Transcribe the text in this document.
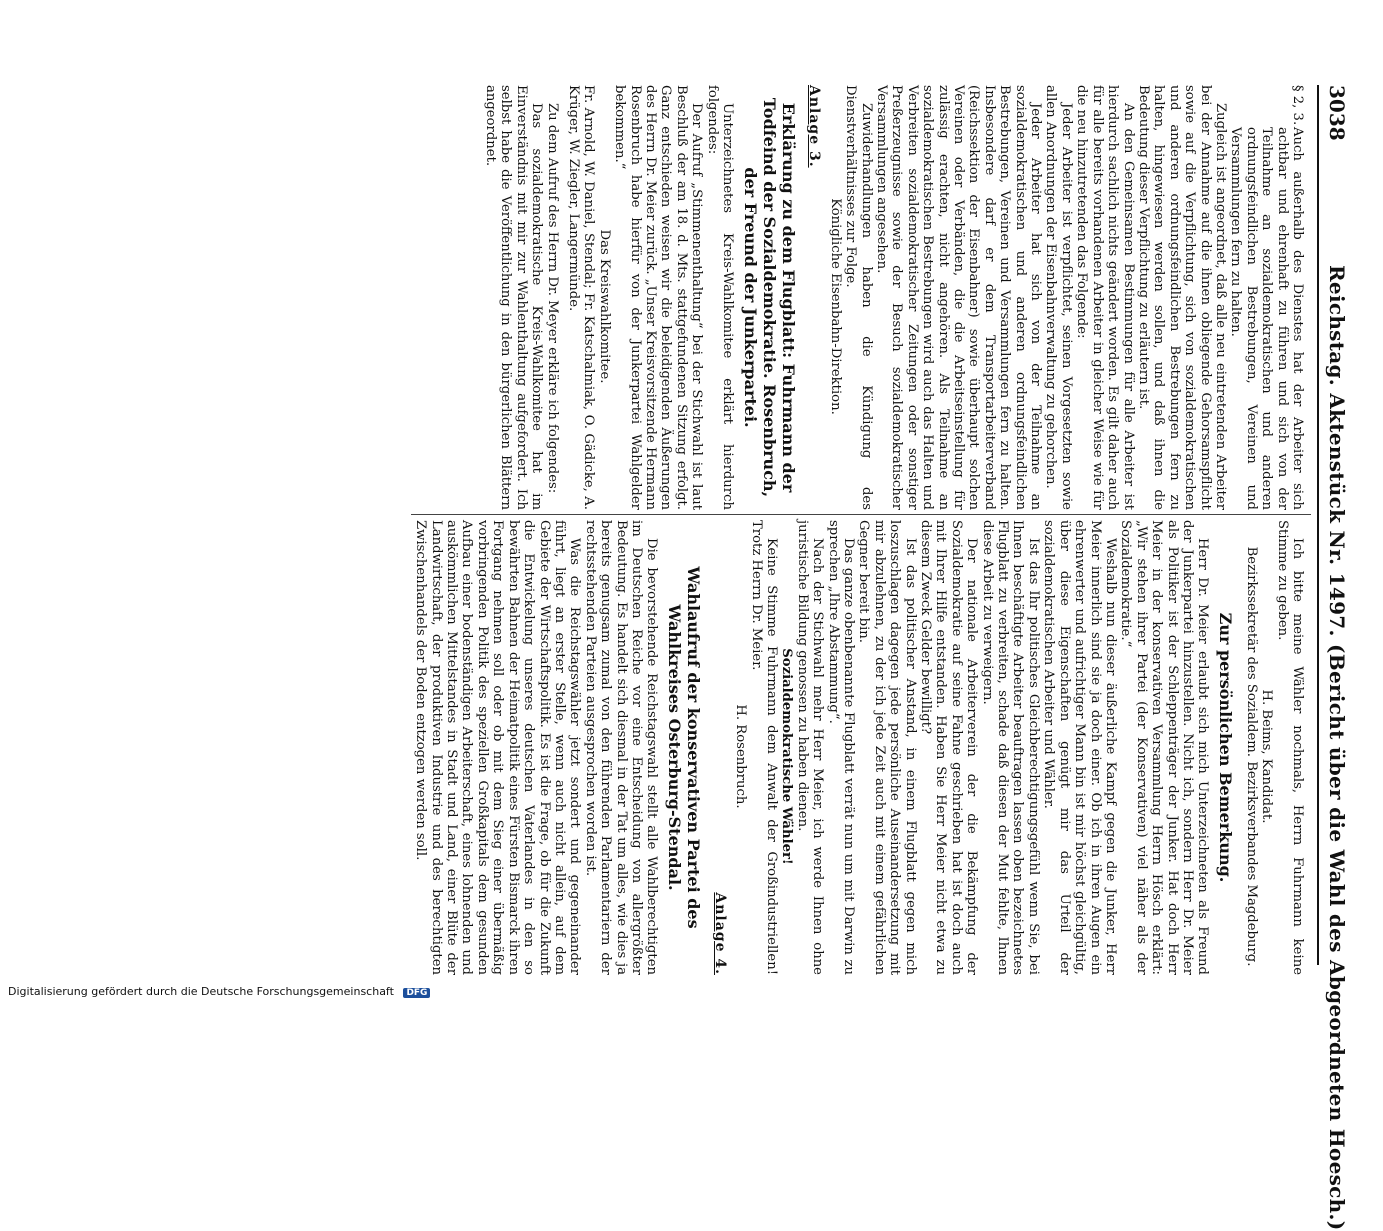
3038
Reichstag. Aktenstück Nr. 1497. (Bericht über die Wahl des Abgeordneten Hoesch.)
§ 2, 3.
Auch außerhalb des Dienstes hat der Arbeiter sich achtbar und ehrenhaft zu führen und sich von der Teilnahme an sozialdemokratischen und anderen ordnungsfeindlichen Bestrebungen, Vereinen und Versammlungen fern zu halten.

Zugleich ist angeordnet, daß alle neu eintretenden Arbeiter bei der Annahme auf die ihnen obliegende Gehorsamspflicht sowie auf die Verpflichtung, sich von sozialdemokratischen und anderen ordnungsfeindlichen Bestrebungen fern zu halten, hingewiesen werden sollen, und daß ihnen die Bedeutung dieser Verpflichtung zu erläutern ist.

An den Gemeinsamen Bestimmungen für alle Arbeiter ist hierdurch sachlich nichts geändert worden. Es gilt daher auch für alle bereits vorhandenen Arbeiter in gleicher Weise wie für die neu hinzutretenden das Folgende:

Jeder Arbeiter ist verpflichtet, seinen Vorgesetzten sowie allen Anordnungen der Eisenbahnverwaltung zu gehorchen.

Jeder Arbeiter hat sich von der Teilnahme an sozialdemokratischen und anderen ordnungsfeindlichen Bestrebungen, Vereinen und Versammlungen fern zu halten. Insbesondere darf er dem Transportarbeiterverband (Reichssektion der Eisenbahner) sowie überhaupt solchen Vereinen oder Verbänden, die die Arbeitseinstellung für zulässig erachten, nicht angehören. Als Teilnahme an sozialdemokratischen Bestrebungen wird auch das Halten und Verbreiten sozialdemokratischer Zeitungen oder sonstiger Preßerzeugnisse sowie der Besuch sozialdemokratischer Versammlungen angesehen.

Zuwiderhandlungen haben die Kündigung des Dienstverhältnisses zur Folge.

Königliche Eisenbahn-Direktion.

Anlage 3.

Erklärung zu dem Flugblatt: Fuhrmann der Todfeind der Sozialdemokratie. Rosenbruch, der Freund der Junkerpartei.

Unterzeichnetes Kreis-Wahlkomitee erklärt hierdurch folgendes:

Der Aufruf „Stimmenenthaltung“ bei der Stichwahl ist laut Beschluß der am 18. d. Mts. stattgefundenen Sitzung erfolgt. Ganz entschieden weisen wir die beleidigenden Äußerungen des Herrn Dr. Meier zurück. „Unser Kreisvorsitzende Hermann Rosenbruch habe hierfür von der Junkerpartei Wahlgelder bekommen.“

Das Kreiswahlkomitee.

Fr. Arnold, W. Daniel, Stendal; Fr. Katschalmiak, O. Gädicke, A. Krüger, W. Ziegler, Langermünde.

Zu dem Aufruf des Herrn Dr. Meyer erkläre ich folgendes:

Das sozialdemokratische Kreis-Wahlkomitee hat im Einverständnis mit mir zur Wahlenthaltung aufgefordert. Ich selbst habe die Veröffentlichung in den bürgerlichen Blättern angeordnet.

Ich bitte meine Wähler nochmals, Herrn Fuhrmann keine Stimme zu geben.

H. Beims, Kandidat.

Bezirkssekretär des Sozialdem. Bezirksverbandes Magdeburg.

Zur persönlichen Bemerkung.

Herr Dr. Meier erlaubt sich mich Unterzeichneten als Freund der Junkerpartei hinzustellen. Nicht ich, sondern Herr Dr. Meier als Politiker ist der Schleppenträger der Junker. Hat doch Herr Meier in der konservativen Versammlung Herrn Hösch erklärt: „Wir stehen ihrer Partei (der Konservativen) viel näher als der Sozialdemokratie.“

Weshalb nun dieser äußerliche Kampf gegen die Junker, Herr Meier innerlich sind sie ja doch einer. Ob ich in ihren Augen ein ehrenwerter und aufrichtiger Mann bin ist mir höchst gleichgültig, über diese Eigenschaften genügt mir das Urteil der sozialdemokratischen Arbeiter und Wähler.

Ist das Ihr politisches Gleichberechtigungsgefühl wenn Sie, bei Ihnen beschäftigte Arbeiter beauftragen lassen oben bezeichnetes Flugblatt zu verbreiten, schade daß diesen der Mut fehlte, Ihnen diese Arbeit zu verweigern.

Der nationale Arbeiterverein der die Bekämpfung der Sozialdemokratie auf seine Fahne geschrieben hat ist doch auch mit Ihrer Hilfe entstanden. Haben Sie Herr Meier nicht etwa zu diesem Zweck Gelder bewilligt?

Ist das politischer Anstand, in einem Flugblatt gegen mich loszuschlagen dagegen jede persönliche Auseinandersetzung mit mir abzulehnen, zu der ich jede Zeit auch mit einem gefährlichen Gegner bereit bin.

Das ganze obenbenannte Flugblatt verrät nun um mit Darwin zu sprechen „Ihre Abstammung“.

Nach der Stichwahl mehr Herr Meier, ich werde Ihnen ohne juristische Bildung genossen zu haben dienen.

Sozialdemokratische Wähler!

Keine Stimme Fuhrmann dem Anwalt der Großindustriellen! Trotz Herrn Dr. Meier.

H. Rosenbruch.

Anlage 4.

Wahlaufruf der konservativen Partei des Wahlkreises Osterburg-Stendal.

Die bevorstehende Reichstagswahl stellt alle Wahlberechtigten im Deutschen Reiche vor eine Entscheidung von allergrößter Bedeutung. Es handelt sich diesmal in der Tat um alles, wie dies ja bereits genugsam zumal von den führenden Parlamentariern der rechtsstehenden Parteien ausgesprochen worden ist.

Was die Reichstagswähler jetzt sondert und gegeneinander führt, liegt an erster Stelle, wenn auch nicht allein, auf dem Gebiete der Wirtschaftspolitik. Es ist die Frage, ob für die Zukunft die Entwickelung unseres deutschen Vaterlandes in den so bewährten Bahnen der Heimatpolitik eines Fürsten Bismarck ihren Fortgang nehmen soll oder ob mit dem Sieg einer übermäßig vorbringenden Politik des speziellen Großkapitals dem gesunden Aufbau einer bodenständigen Arbeiterschaft, eines lohnenden und auskömmlichen Mittelstandes in Stadt und Land, einer Blüte der Landwirtschaft, der produktiven Industrie und des berechtigten Zwischenhandels der Boden entzogen werden soll.

Digitalisierung gefördert durch die Deutsche Forschungsgemeinschaft DFG
